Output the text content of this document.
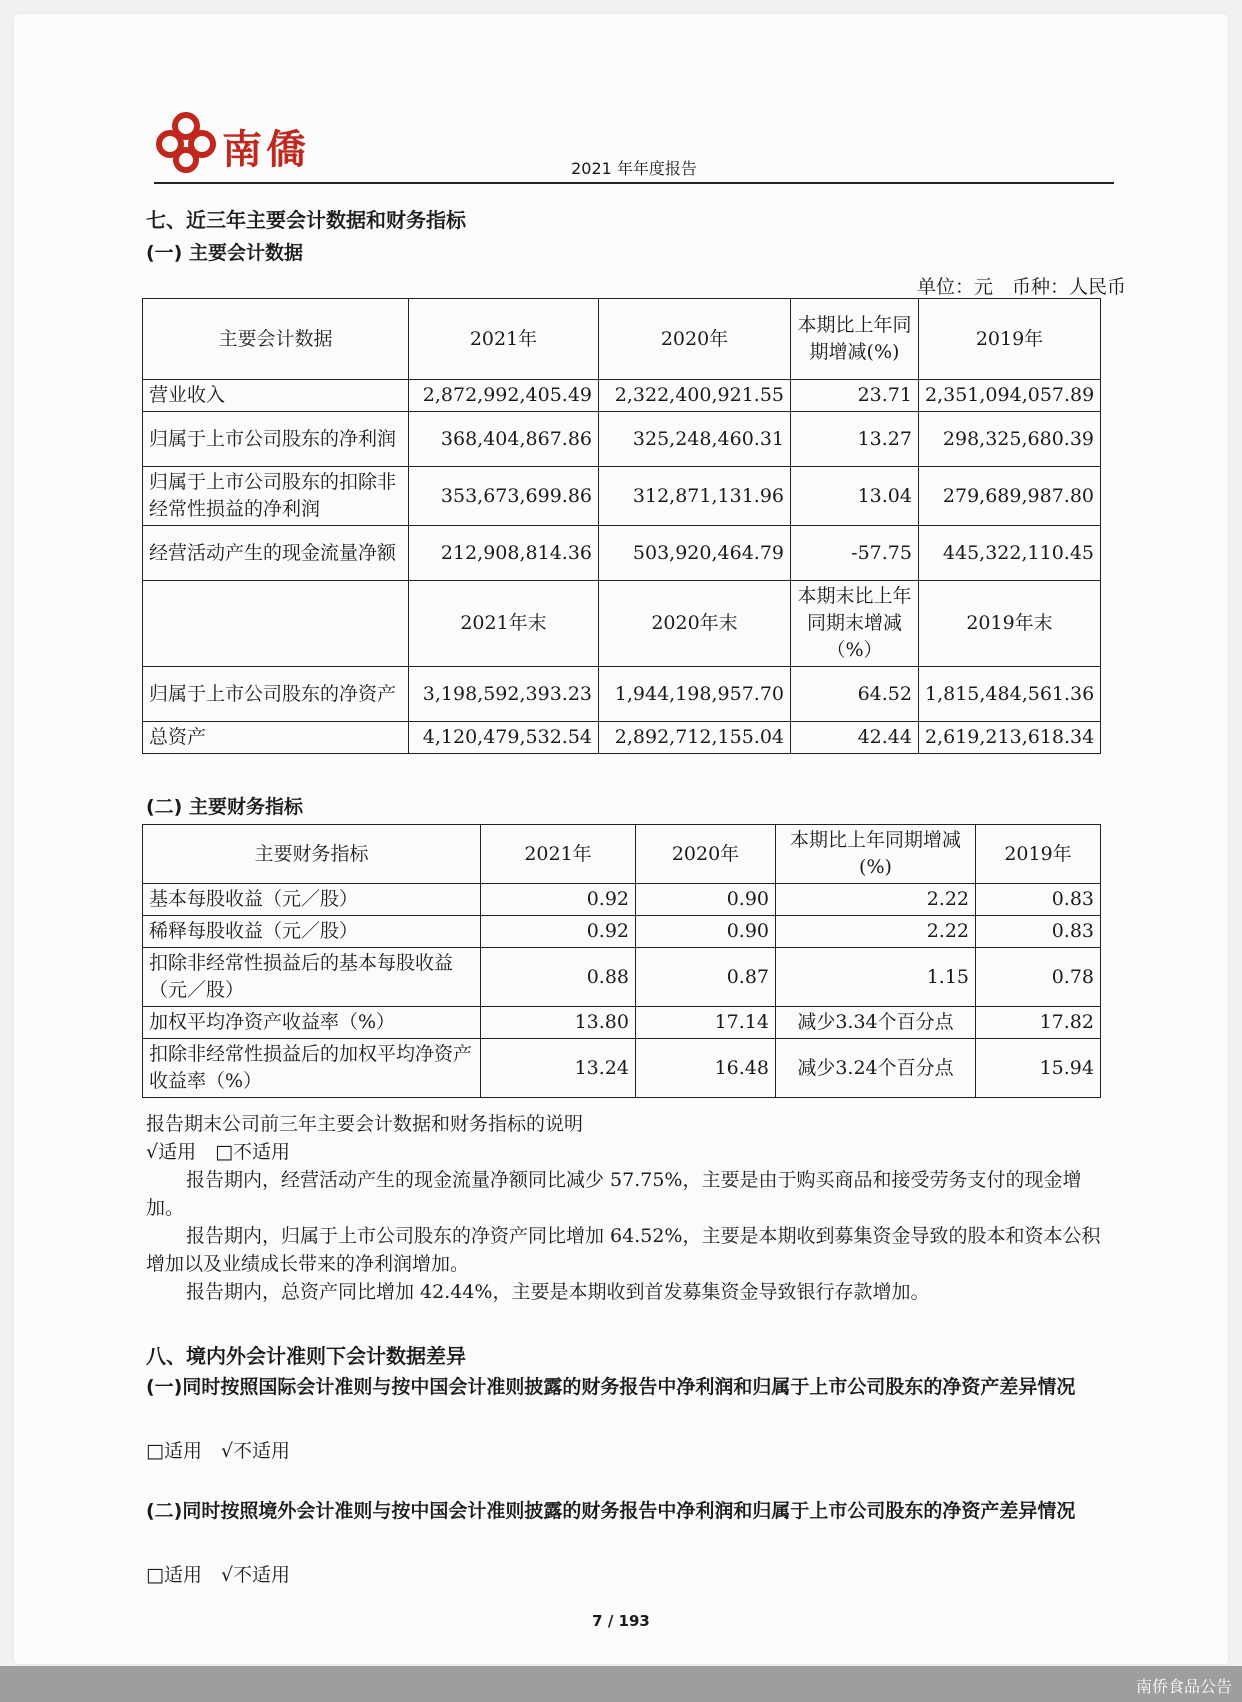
南僑	2021 年年度报告
七、近三年主要会计数据和财务指标
(一) 主要会计数据
单位：元　币种：人民币
主要会计数据	2021年	2020年	本期比上年同期增减(%)	2019年
营业收入	2,872,992,405.49	2,322,400,921.55	23.71	2,351,094,057.89
归属于上市公司股东的净利润	368,404,867.86	325,248,460.31	13.27	298,325,680.39
归属于上市公司股东的扣除非经常性损益的净利润	353,673,699.86	312,871,131.96	13.04	279,689,987.80
经营活动产生的现金流量净额	212,908,814.36	503,920,464.79	-57.75	445,322,110.45
	2021年末	2020年末	本期末比上年同期末增减（%）	2019年末
归属于上市公司股东的净资产	3,198,592,393.23	1,944,198,957.70	64.52	1,815,484,561.36
总资产	4,120,479,532.54	2,892,712,155.04	42.44	2,619,213,618.34
(二) 主要财务指标
主要财务指标	2021年	2020年	本期比上年同期增减(%)	2019年
基本每股收益（元／股）	0.92	0.90	2.22	0.83
稀释每股收益（元／股）	0.92	0.90	2.22	0.83
扣除非经常性损益后的基本每股收益（元／股）	0.88	0.87	1.15	0.78
加权平均净资产收益率（%）	13.80	17.14	减少3.34个百分点	17.82
扣除非经常性损益后的加权平均净资产收益率（%）	13.24	16.48	减少3.24个百分点	15.94
报告期末公司前三年主要会计数据和财务指标的说明
√适用　□不适用
报告期内，经营活动产生的现金流量净额同比减少 57.75%，主要是由于购买商品和接受劳务支付的现金增加。
报告期内，归属于上市公司股东的净资产同比增加 64.52%，主要是本期收到募集资金导致的股本和资本公积增加以及业绩成长带来的净利润增加。
报告期内，总资产同比增加 42.44%，主要是本期收到首发募集资金导致银行存款增加。
八、境内外会计准则下会计数据差异
(一)同时按照国际会计准则与按中国会计准则披露的财务报告中净利润和归属于上市公司股东的净资产差异情况
□适用　√不适用
(二)同时按照境外会计准则与按中国会计准则披露的财务报告中净利润和归属于上市公司股东的净资产差异情况
□适用　√不适用
7 / 193
南侨食品公告
